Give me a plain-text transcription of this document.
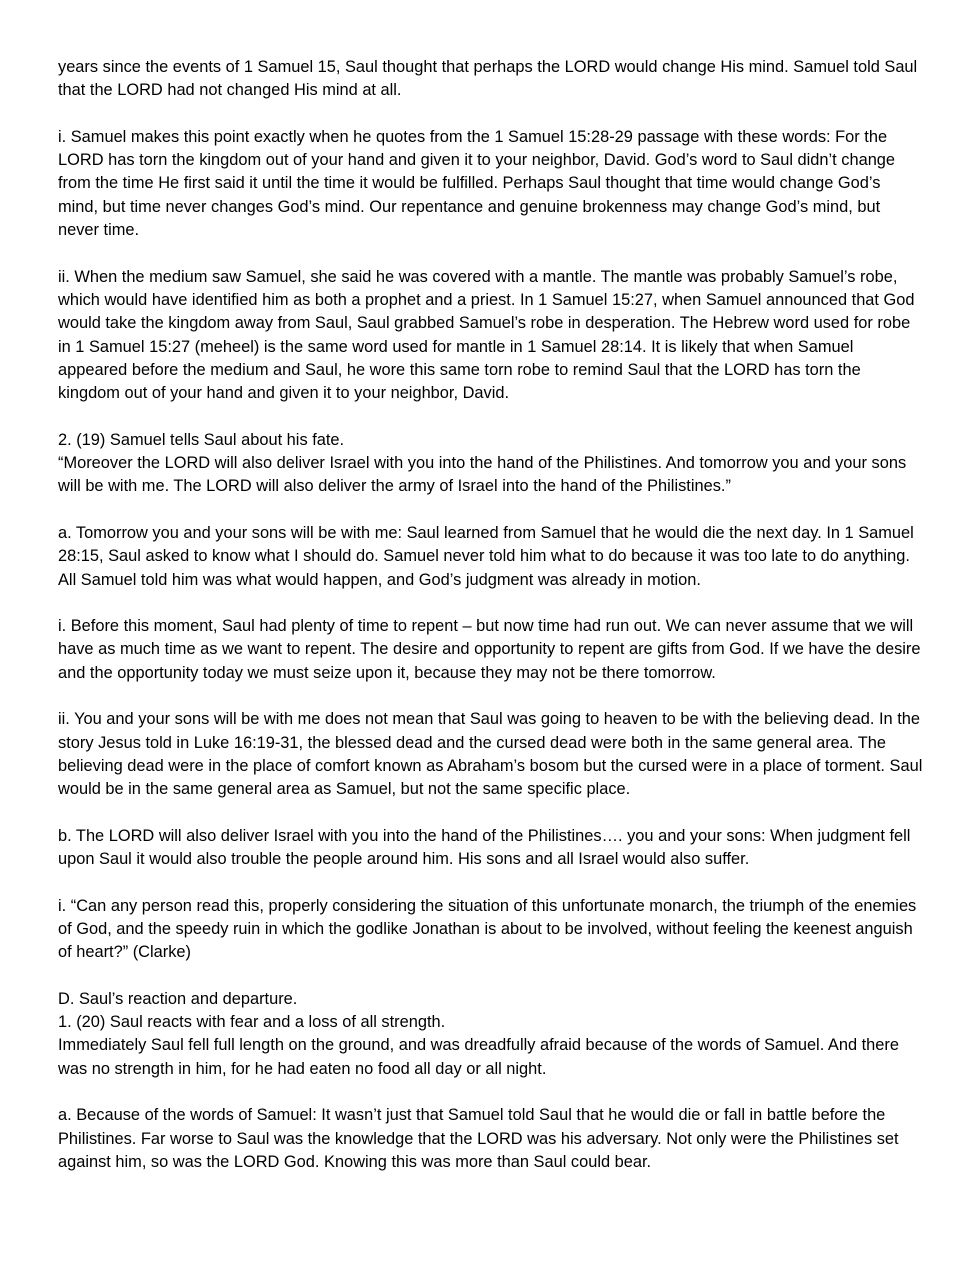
years since the events of 1 Samuel 15, Saul thought that perhaps the LORD would change His mind. Samuel told Saul that the LORD had not changed His mind at all.

i. Samuel makes this point exactly when he quotes from the 1 Samuel 15:28-29 passage with these words: For the LORD has torn the kingdom out of your hand and given it to your neighbor, David. God’s word to Saul didn’t change from the time He first said it until the time it would be fulfilled. Perhaps Saul thought that time would change God’s mind, but time never changes God’s mind. Our repentance and genuine brokenness may change God’s mind, but never time.

ii. When the medium saw Samuel, she said he was covered with a mantle. The mantle was probably Samuel’s robe, which would have identified him as both a prophet and a priest. In 1 Samuel 15:27, when Samuel announced that God would take the kingdom away from Saul, Saul grabbed Samuel’s robe in desperation. The Hebrew word used for robe in 1 Samuel 15:27 (meheel) is the same word used for mantle in 1 Samuel 28:14. It is likely that when Samuel appeared before the medium and Saul, he wore this same torn robe to remind Saul that the LORD has torn the kingdom out of your hand and given it to your neighbor, David.

2. (19) Samuel tells Saul about his fate.

“Moreover the LORD will also deliver Israel with you into the hand of the Philistines. And tomorrow you and your sons will be with me. The LORD will also deliver the army of Israel into the hand of the Philistines.”

a. Tomorrow you and your sons will be with me: Saul learned from Samuel that he would die the next day. In 1 Samuel 28:15, Saul asked to know what I should do. Samuel never told him what to do because it was too late to do anything. All Samuel told him was what would happen, and God’s judgment was already in motion.

i. Before this moment, Saul had plenty of time to repent – but now time had run out. We can never assume that we will have as much time as we want to repent. The desire and opportunity to repent are gifts from God. If we have the desire and the opportunity today we must seize upon it, because they may not be there tomorrow.

ii. You and your sons will be with me does not mean that Saul was going to heaven to be with the believing dead. In the story Jesus told in Luke 16:19-31, the blessed dead and the cursed dead were both in the same general area. The believing dead were in the place of comfort known as Abraham’s bosom but the cursed were in a place of torment. Saul would be in the same general area as Samuel, but not the same specific place.

b. The LORD will also deliver Israel with you into the hand of the Philistines…. you and your sons: When judgment fell upon Saul it would also trouble the people around him. His sons and all Israel would also suffer.

i. “Can any person read this, properly considering the situation of this unfortunate monarch, the triumph of the enemies of God, and the speedy ruin in which the godlike Jonathan is about to be involved, without feeling the keenest anguish of heart?” (Clarke)

D. Saul’s reaction and departure.

1. (20) Saul reacts with fear and a loss of all strength.

Immediately Saul fell full length on the ground, and was dreadfully afraid because of the words of Samuel. And there was no strength in him, for he had eaten no food all day or all night.

a. Because of the words of Samuel: It wasn’t just that Samuel told Saul that he would die or fall in battle before the Philistines. Far worse to Saul was the knowledge that the LORD was his adversary. Not only were the Philistines set against him, so was the LORD God. Knowing this was more than Saul could bear.
